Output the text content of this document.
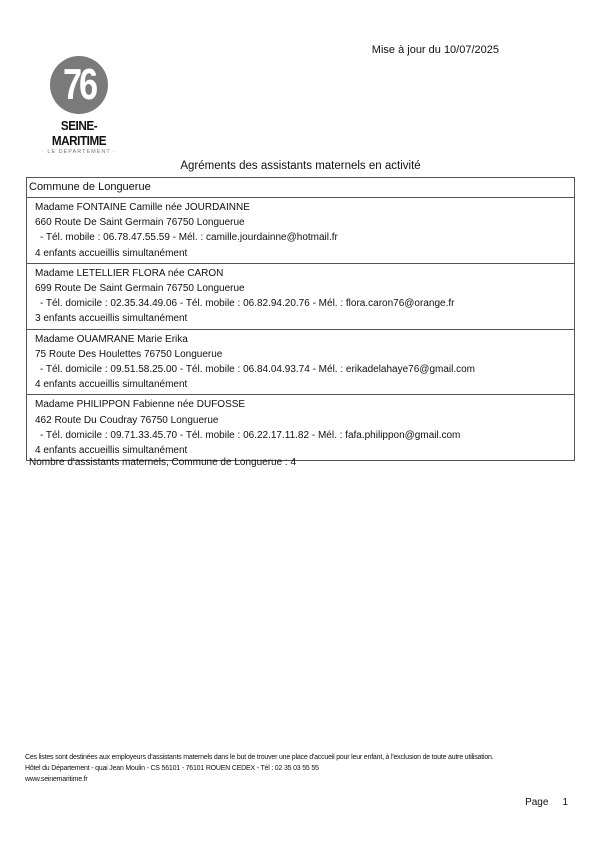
Mise à jour du 10/07/2025
76
SEINE-MARITIME
· LE DÉPARTEMENT ·
Agréments des assistants maternels en activité
Commune de Longuerue
Madame FONTAINE Camille née JOURDAINNE
660 Route De Saint Germain 76750 Longuerue
- Tél. mobile : 06.78.47.55.59 - Mél. : camille.jourdainne@hotmail.fr
4 enfants accueillis simultanément
Madame LETELLIER FLORA née CARON
699 Route De Saint Germain 76750 Longuerue
- Tél. domicile : 02.35.34.49.06 - Tél. mobile : 06.82.94.20.76 - Mél. : flora.caron76@orange.fr
3 enfants accueillis simultanément
Madame OUAMRANE Marie Erika
75 Route Des Houlettes 76750 Longuerue
- Tél. domicile : 09.51.58.25.00 - Tél. mobile : 06.84.04.93.74 - Mél. : erikadelahaye76@gmail.com
4 enfants accueillis simultanément
Madame PHILIPPON Fabienne née DUFOSSE
462 Route Du Coudray 76750 Longuerue
- Tél. domicile : 09.71.33.45.70 - Tél. mobile : 06.22.17.11.82 - Mél. : fafa.philippon@gmail.com
4 enfants accueillis simultanément
Nombre d'assistants maternels, Commune de Longuerue : 4
Ces listes sont destinées aux employeurs d'assistants maternels dans le but de trouver une place d'accueil pour leur enfant, à l'exclusion de toute autre utilisation.
Hôtel du Département - quai Jean Moulin - CS 56101 - 76101 ROUEN CEDEX - Tél : 02 35 03 55 55
www.seinemaritime.fr
Page 1
